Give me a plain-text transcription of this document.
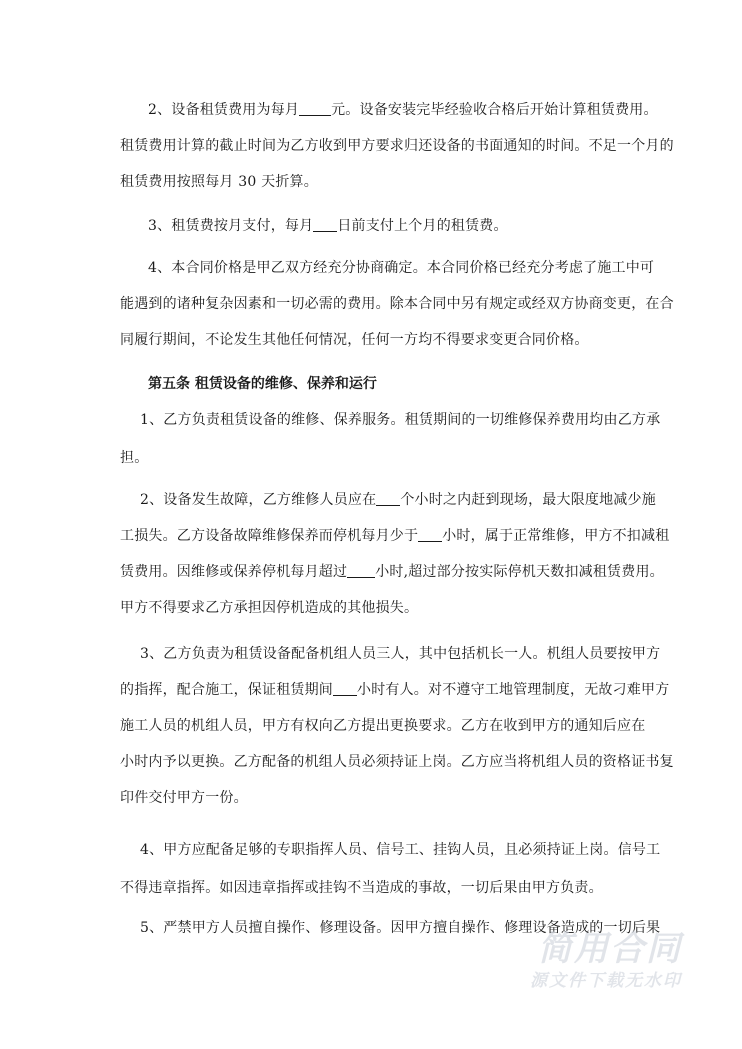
2、设备租赁费用为每月 元。设备安装完毕经验收合格后开始计算租赁费用。
租赁费用计算的截止时间为乙方收到甲方要求归还设备的书面通知的时间。不足一个月的
租赁费用按照每月 30 天折算。
3、租赁费按月支付，每月 日前支付上个月的租赁费。
4、本合同价格是甲乙双方经充分协商确定。本合同价格已经充分考虑了施工中可
能遇到的诸种复杂因素和一切必需的费用。除本合同中另有规定或经双方协商变更，在合
同履行期间，不论发生其他任何情况，任何一方均不得要求变更合同价格。
第五条 租赁设备的维修、保养和运行
1、乙方负责租赁设备的维修、保养服务。租赁期间的一切维修保养费用均由乙方承
担。
2、设备发生故障，乙方维修人员应在 个小时之内赶到现场，最大限度地减少施
工损失。乙方设备故障维修保养而停机每月少于 小时，属于正常维修，甲方不扣减租
赁费用。因维修或保养停机每月超过 小时,超过部分按实际停机天数扣减租赁费用。
甲方不得要求乙方承担因停机造成的其他损失。
3、乙方负责为租赁设备配备机组人员三人，其中包括机长一人。机组人员要按甲方
的指挥，配合施工，保证租赁期间 小时有人。对不遵守工地管理制度，无故刁难甲方
施工人员的机组人员，甲方有权向乙方提出更换要求。乙方在收到甲方的通知后应在
小时内予以更换。乙方配备的机组人员必须持证上岗。乙方应当将机组人员的资格证书复
印件交付甲方一份。
4、甲方应配备足够的专职指挥人员、信号工、挂钩人员，且必须持证上岗。信号工
不得违章指挥。如因违章指挥或挂钩不当造成的事故，一切后果由甲方负责。
5、严禁甲方人员擅自操作、修理设备。因甲方擅自操作、修理设备造成的一切后果
简用合同
源文件下载无水印
